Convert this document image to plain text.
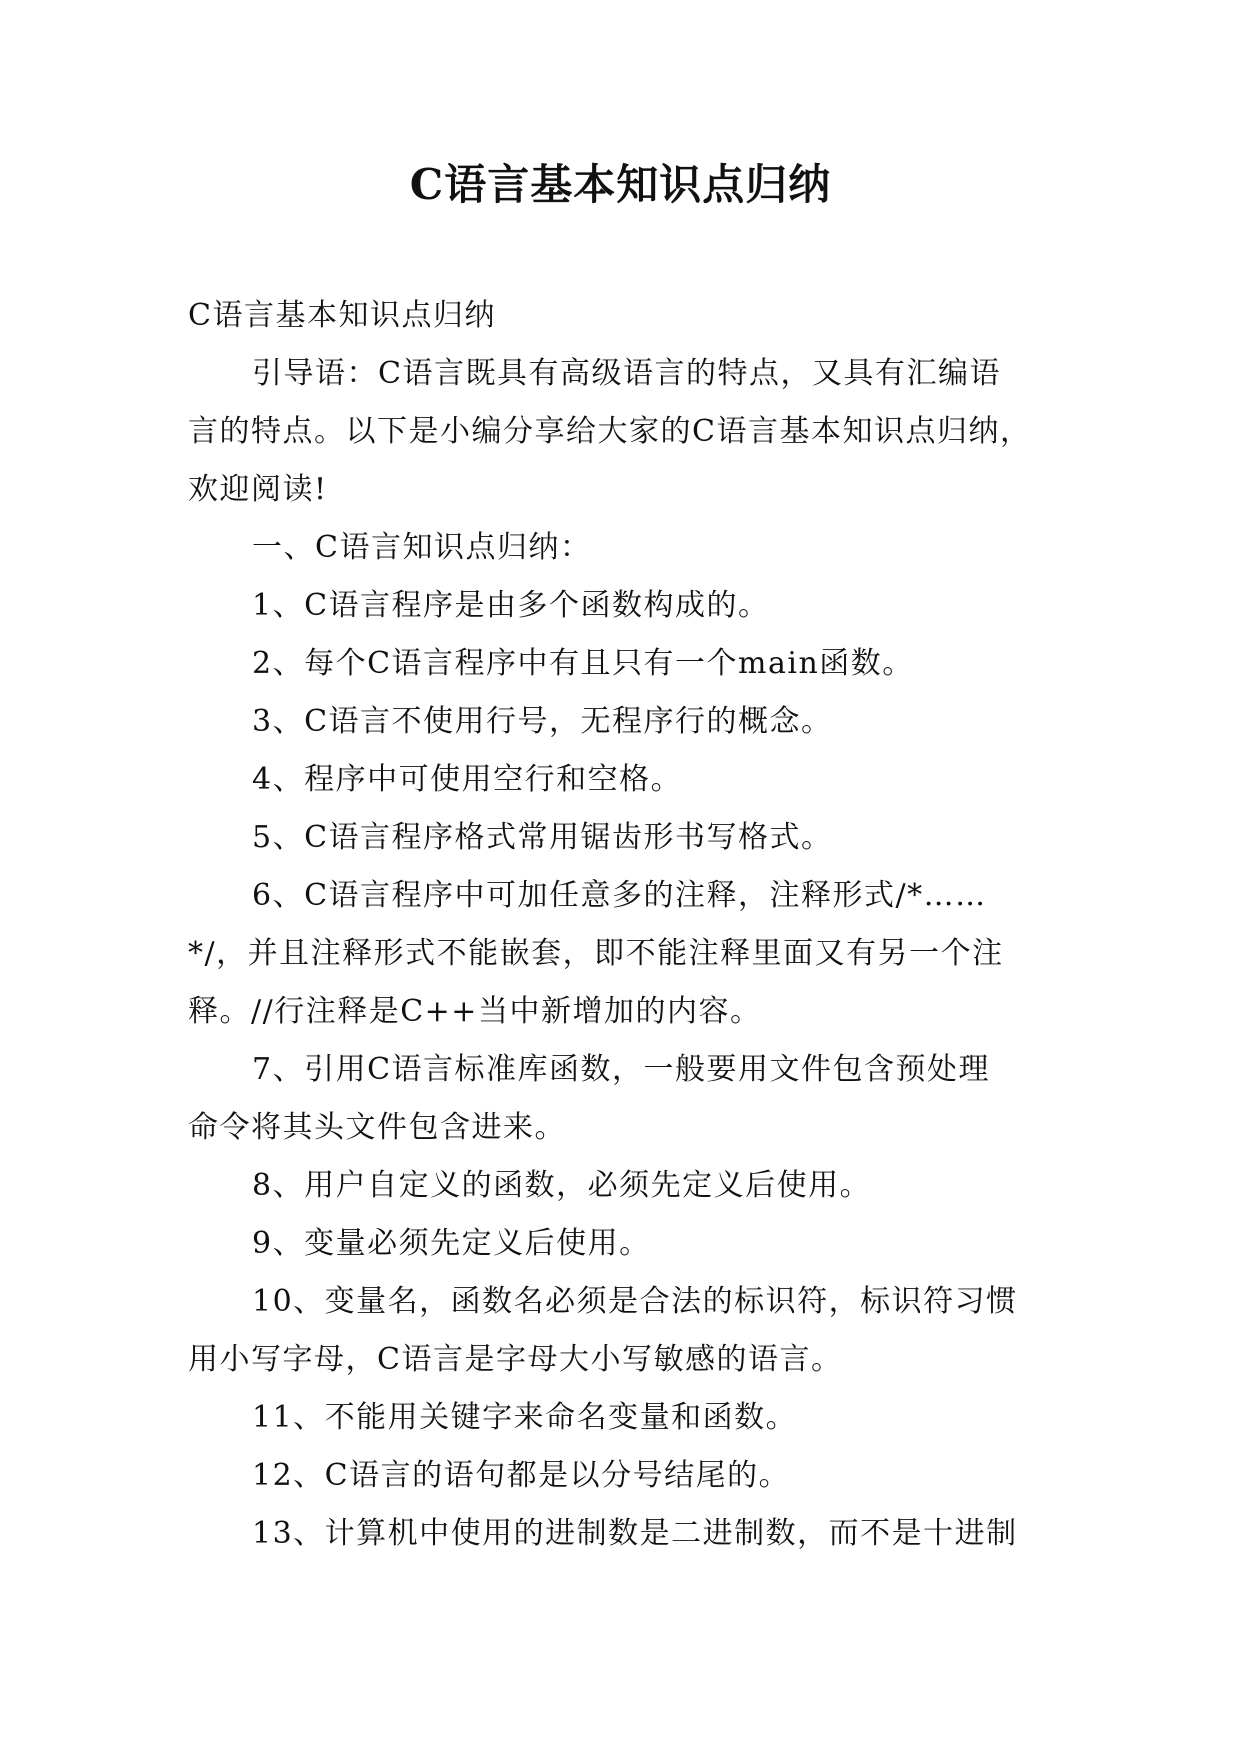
C语言基本知识点归纳
C语言基本知识点归纳
引导语：C语言既具有高级语言的特点，又具有汇编语
言的特点。以下是小编分享给大家的C语言基本知识点归纳，
欢迎阅读!
一、C语言知识点归纳：
1、C语言程序是由多个函数构成的。
2、每个C语言程序中有且只有一个main函数。
3、C语言不使用行号，无程序行的概念。
4、程序中可使用空行和空格。
5、C语言程序格式常用锯齿形书写格式。
6、C语言程序中可加任意多的注释，注释形式/*……
*/，并且注释形式不能嵌套，即不能注释里面又有另一个注
释。//行注释是C++当中新增加的内容。
7、引用C语言标准库函数，一般要用文件包含预处理
命令将其头文件包含进来。
8、用户自定义的函数，必须先定义后使用。
9、变量必须先定义后使用。
10、变量名，函数名必须是合法的标识符，标识符习惯
用小写字母，C语言是字母大小写敏感的语言。
11、不能用关键字来命名变量和函数。
12、C语言的语句都是以分号结尾的。
13、计算机中使用的进制数是二进制数，而不是十进制
